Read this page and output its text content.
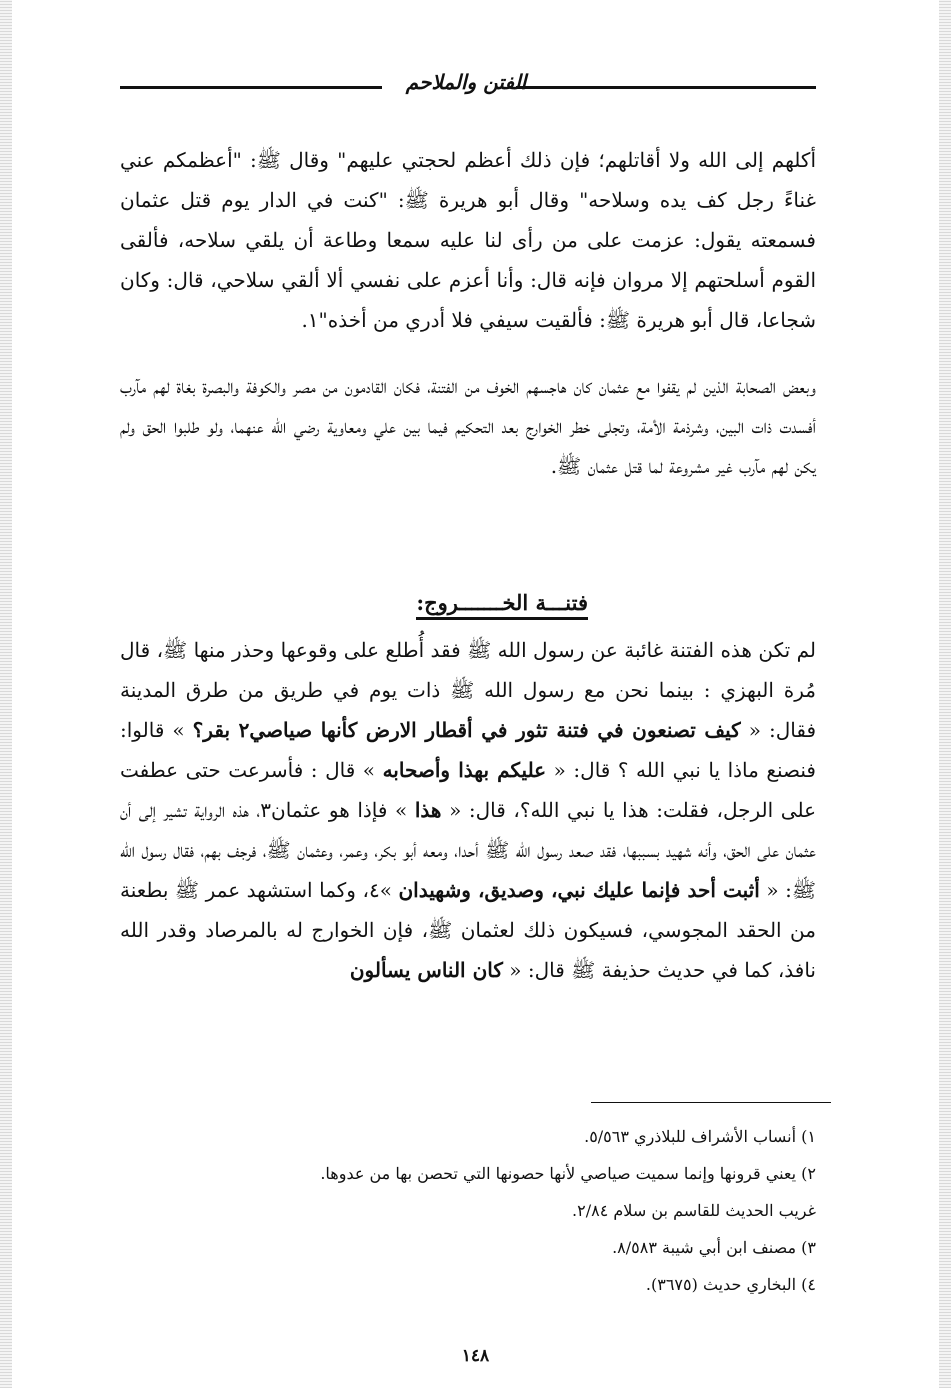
الفتن والملاحم

أكلهم إلى الله ولا أقاتلهم؛ فإن ذلك أعظم لحجتي عليهم" وقال ﷺ: "أعظمكم عني غناءً رجل كف يده وسلاحه" وقال أبو هريرة ﷺ: "كنت في الدار يوم قتل عثمان فسمعته يقول: عزمت على من رأى لنا عليه سمعا وطاعة أن يلقي سلاحه، فألقى القوم أسلحتهم إلا مروان فإنه قال: وأنا أعزم على نفسي ألا ألقي سلاحي، قال: وكان شجاعا، قال أبو هريرة ﷺ: فألقيت سيفي فلا أدري من أخذه"١.

وبعض الصحابة الذين لم يقفوا مع عثمان كان هاجسهم الخوف من الفتنة، فكان القادمون من مصر والكوفة والبصرة بغاة لهم مآرب أفسدت ذات البين، وشرذمة الأمة، وتجلى خطر الخوارج بعد التحكيم فيما بين علي ومعاوية رضي الله عنهما، ولو طلبوا الحق ولم يكن لهم مآرب غير مشروعة لما قتل عثمان ﷺ.

فتنـــة الخـــــــروج:

لم تكن هذه الفتنة غائبة عن رسول الله ﷺ فقد أُطلع على وقوعها وحذر منها ﷺ، قال مُرة البهزي : بينما نحن مع رسول الله ﷺ ذات يوم في طريق من طرق المدينة فقال: « كيف تصنعون في فتنة تثور في أقطار الارض كأنها صياصي٢ بقر؟ » قالوا: فنصنع ماذا يا نبي الله ؟ قال: « عليكم بهذا وأصحابه » قال : فأسرعت حتى عطفت على الرجل، فقلت: هذا يا نبي الله؟، قال: « هذا » فإذا هو عثمان٣، هذه الرواية تشير إلى أن عثمان على الحق، وأنه شهيد بسببها، فقد صعد رسول الله ﷺ أحدا، ومعه أبو بكر، وعمر، وعثمان ﷺ، فرجف بهم، فقال رسول الله ﷺ: « أثبت أحد فإنما عليك نبي، وصديق، وشهيدان »٤، وكما استشهد عمر ﷺ بطعنة من الحقد المجوسي، فسيكون ذلك لعثمان ﷺ، فإن الخوارج له بالمرصاد وقدر الله نافذ، كما في حديث حذيفة ﷺ قال: « كان الناس يسألون

١) أنساب الأشراف للبلاذري ٥/٥٦٣.
٢) يعني قرونها وإنما سميت صياصي لأنها حصونها التي تحصن بها من عدوها.
غريب الحديث للقاسم بن سلام ٢/٨٤.
٣) مصنف ابن أبي شيبة ٨/٥٨٣.
٤) البخاري حديث (٣٦٧٥).
١٤٨
